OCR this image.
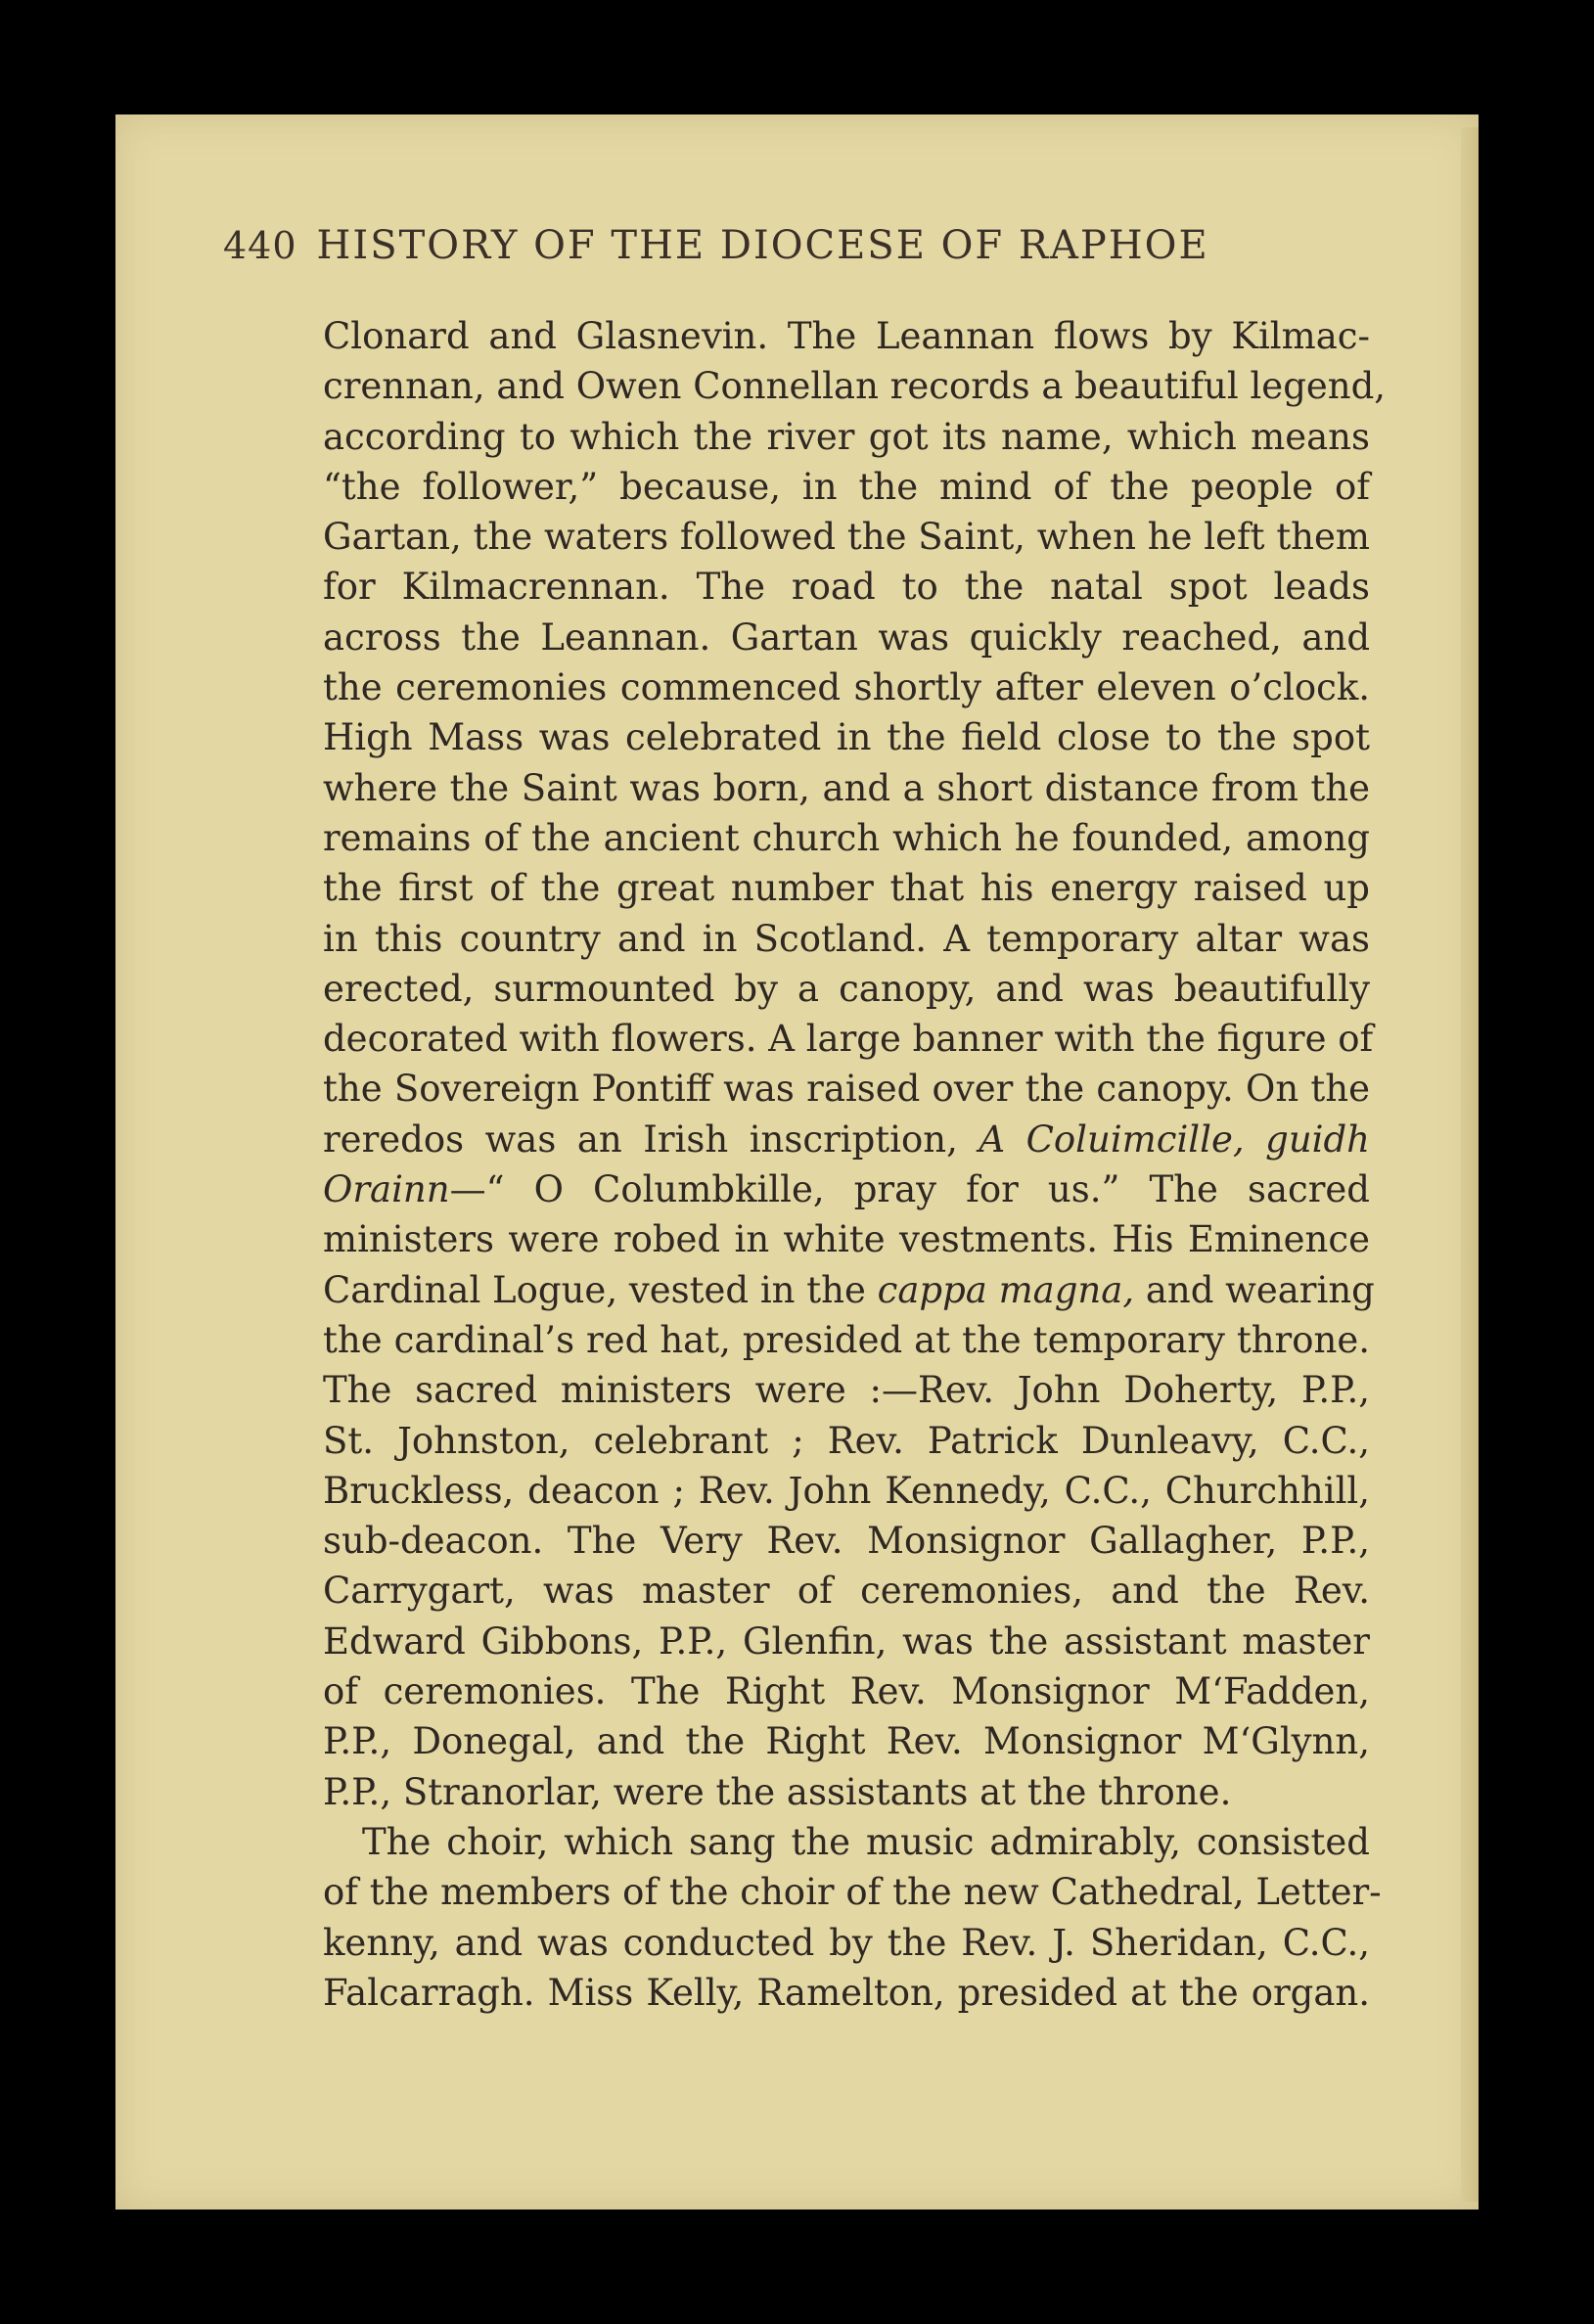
440 HISTORY OF THE DIOCESE OF RAPHOE

Clonard and Glasnevin. The Leannan flows by Kilmac-
crennan, and Owen Connellan records a beautiful legend,
according to which the river got its name, which means
“the follower,” because, in the mind of the people of
Gartan, the waters followed the Saint, when he left them
for Kilmacrennan. The road to the natal spot leads
across the Leannan. Gartan was quickly reached, and
the ceremonies commenced shortly after eleven o’clock.
High Mass was celebrated in the field close to the spot
where the Saint was born, and a short distance from the
remains of the ancient church which he founded, among
the first of the great number that his energy raised up
in this country and in Scotland. A temporary altar was
erected, surmounted by a canopy, and was beautifully
decorated with flowers. A large banner with the figure of
the Sovereign Pontiff was raised over the canopy. On the
reredos was an Irish inscription, A Coluimcille, guidh
Orainn—“ O Columbkille, pray for us.” The sacred
ministers were robed in white vestments. His Eminence
Cardinal Logue, vested in the cappa magna, and wearing
the cardinal’s red hat, presided at the temporary throne.
The sacred ministers were :—Rev. John Doherty, P.P.,
St. Johnston, celebrant ; Rev. Patrick Dunleavy, C.C.,
Bruckless, deacon ; Rev. John Kennedy, C.C., Churchhill,
sub-deacon. The Very Rev. Monsignor Gallagher, P.P.,
Carrygart, was master of ceremonies, and the Rev.
Edward Gibbons, P.P., Glenfin, was the assistant master
of ceremonies. The Right Rev. Monsignor M‘Fadden,
P.P., Donegal, and the Right Rev. Monsignor M‘Glynn,
P.P., Stranorlar, were the assistants at the throne.

The choir, which sang the music admirably, consisted
of the members of the choir of the new Cathedral, Letter-
kenny, and was conducted by the Rev. J. Sheridan, C.C.,
Falcarragh. Miss Kelly, Ramelton, presided at the organ.
